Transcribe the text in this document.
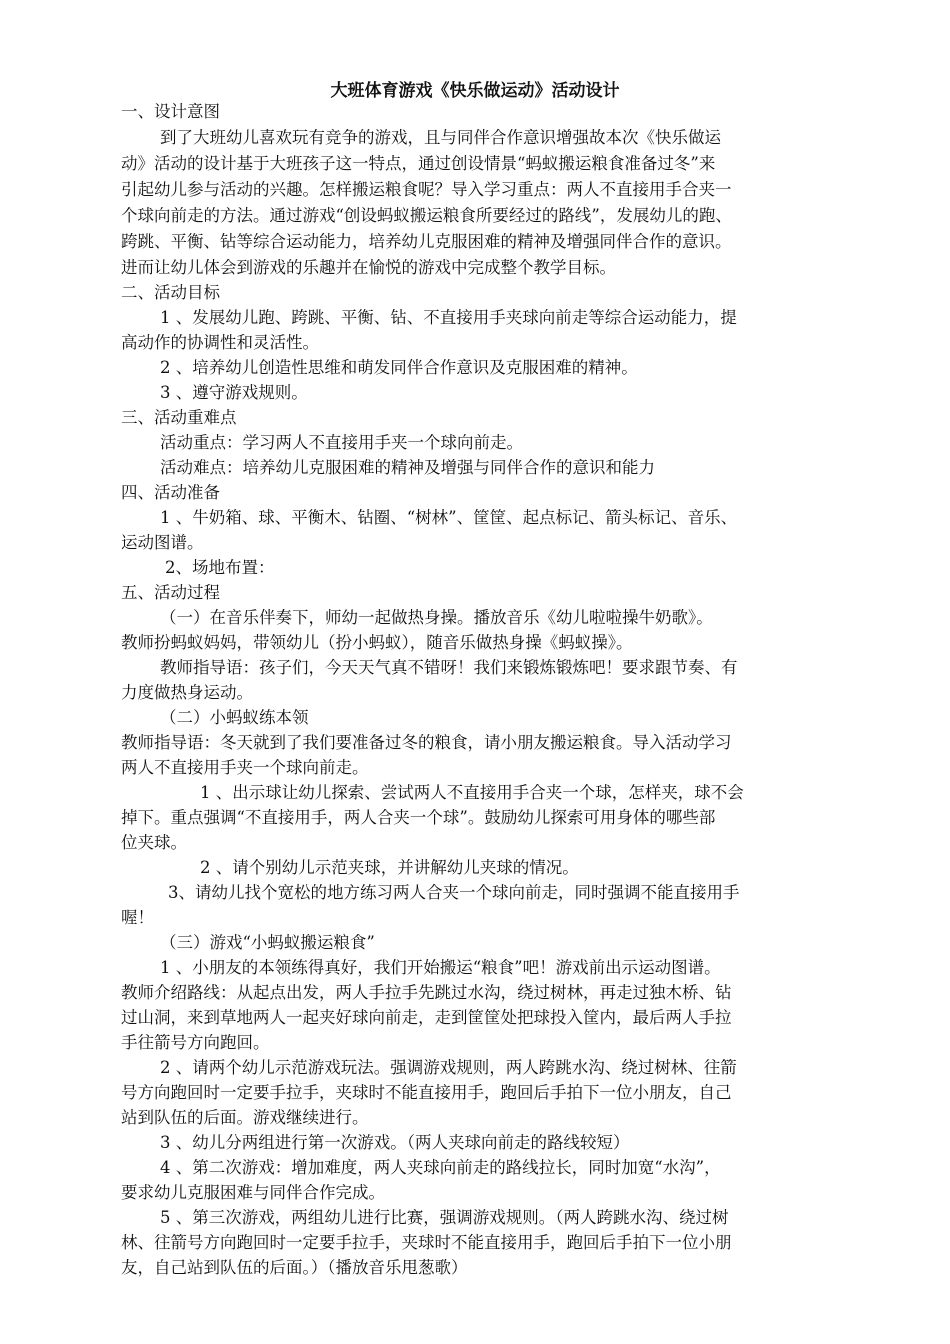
大班体育游戏《快乐做运动》活动设计
一、设计意图
到了大班幼儿喜欢玩有竞争的游戏，且与同伴合作意识增强故本次《快乐做运
动》活动的设计基于大班孩子这一特点，通过创设情景“蚂蚁搬运粮食准备过冬”来
引起幼儿参与活动的兴趣。怎样搬运粮食呢？导入学习重点：两人不直接用手合夹一
个球向前走的方法。通过游戏“创设蚂蚁搬运粮食所要经过的路线”，发展幼儿的跑、
跨跳、平衡、钻等综合运动能力，培养幼儿克服困难的精神及增强同伴合作的意识。
进而让幼儿体会到游戏的乐趣并在愉悦的游戏中完成整个教学目标。
二、活动目标
1 、发展幼儿跑、跨跳、平衡、钻、不直接用手夹球向前走等综合运动能力，提
高动作的协调性和灵活性。
2 、培养幼儿创造性思维和萌发同伴合作意识及克服困难的精神。
3 、遵守游戏规则。
三、活动重难点
活动重点：学习两人不直接用手夹一个球向前走。
活动难点：培养幼儿克服困难的精神及增强与同伴合作的意识和能力
四、活动准备
1 、牛奶箱、球、平衡木、钻圈、“树林”、筐筐、起点标记、箭头标记、音乐、
运动图谱。
2、场地布置：
五、活动过程
（一）在音乐伴奏下，师幼一起做热身操。播放音乐《幼儿啦啦操牛奶歌》。
教师扮蚂蚁妈妈，带领幼儿（扮小蚂蚁），随音乐做热身操《蚂蚁操》。
教师指导语：孩子们，今天天气真不错呀！我们来锻炼锻炼吧！要求跟节奏、有
力度做热身运动。
（二）小蚂蚁练本领
教师指导语：冬天就到了我们要准备过冬的粮食，请小朋友搬运粮食。导入活动学习
两人不直接用手夹一个球向前走。
1 、出示球让幼儿探索、尝试两人不直接用手合夹一个球，怎样夹，球不会
掉下。重点强调“不直接用手，两人合夹一个球”。鼓励幼儿探索可用身体的哪些部
位夹球。
2 、请个别幼儿示范夹球，并讲解幼儿夹球的情况。
3、请幼儿找个宽松的地方练习两人合夹一个球向前走，同时强调不能直接用手
喔！
（三）游戏“小蚂蚁搬运粮食”
1 、小朋友的本领练得真好，我们开始搬运“粮食”吧！游戏前出示运动图谱。
教师介绍路线：从起点出发，两人手拉手先跳过水沟，绕过树林，再走过独木桥、钻
过山洞，来到草地两人一起夹好球向前走，走到筐筐处把球投入筐内，最后两人手拉
手往箭号方向跑回。
2 、请两个幼儿示范游戏玩法。强调游戏规则，两人跨跳水沟、绕过树林、往箭
号方向跑回时一定要手拉手，夹球时不能直接用手，跑回后手拍下一位小朋友，自己
站到队伍的后面。游戏继续进行。
3 、幼儿分两组进行第一次游戏。（两人夹球向前走的路线较短）
4 、第二次游戏：增加难度，两人夹球向前走的路线拉长，同时加宽“水沟”，
要求幼儿克服困难与同伴合作完成。
5 、第三次游戏，两组幼儿进行比赛，强调游戏规则。（两人跨跳水沟、绕过树
林、往箭号方向跑回时一定要手拉手，夹球时不能直接用手，跑回后手拍下一位小朋
友，自己站到队伍的后面。）（播放音乐甩葱歌）
